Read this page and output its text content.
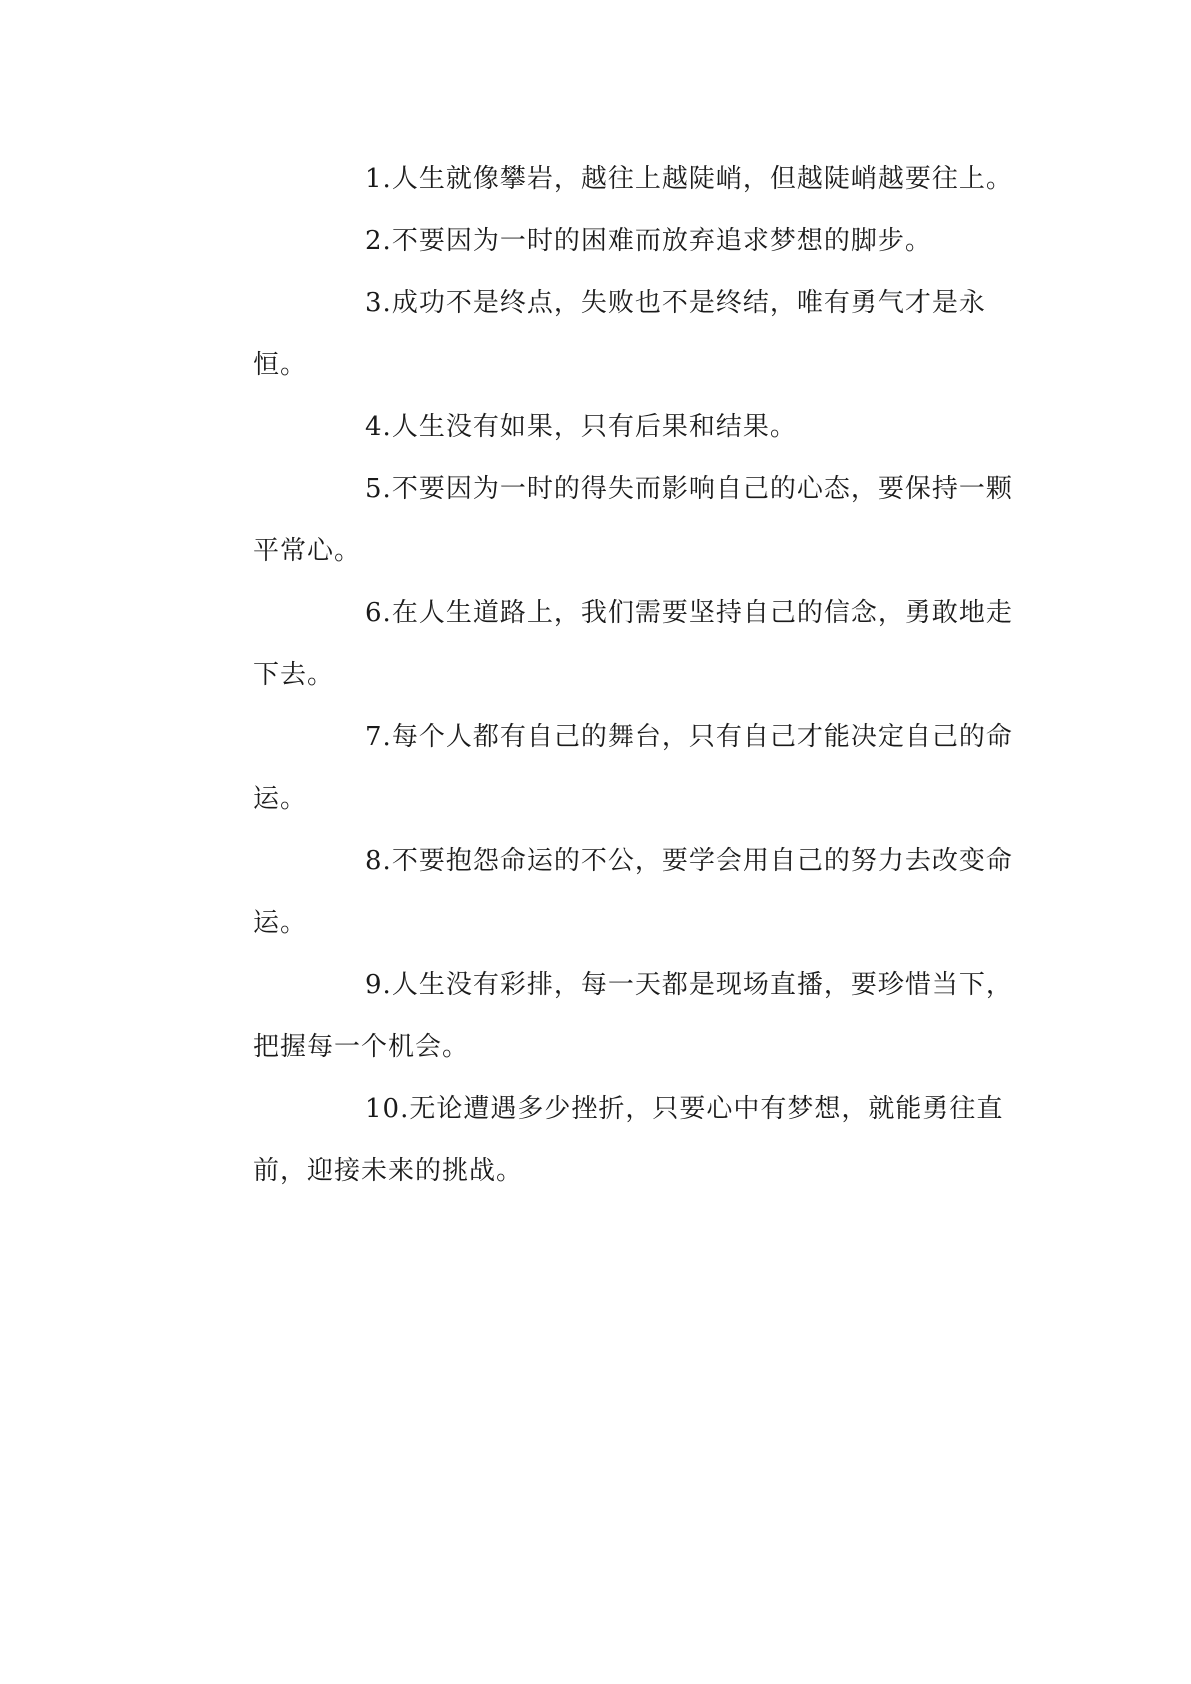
1.人生就像攀岩，越往上越陡峭，但越陡峭越要往上。

2.不要因为一时的困难而放弃追求梦想的脚步。

3.成功不是终点，失败也不是终结，唯有勇气才是永恒。

4.人生没有如果，只有后果和结果。

5.不要因为一时的得失而影响自己的心态，要保持一颗平常心。

6.在人生道路上，我们需要坚持自己的信念，勇敢地走下去。

7.每个人都有自己的舞台，只有自己才能决定自己的命运。

8.不要抱怨命运的不公，要学会用自己的努力去改变命运。

9.人生没有彩排，每一天都是现场直播，要珍惜当下，把握每一个机会。

10.无论遭遇多少挫折，只要心中有梦想，就能勇往直前，迎接未来的挑战。
